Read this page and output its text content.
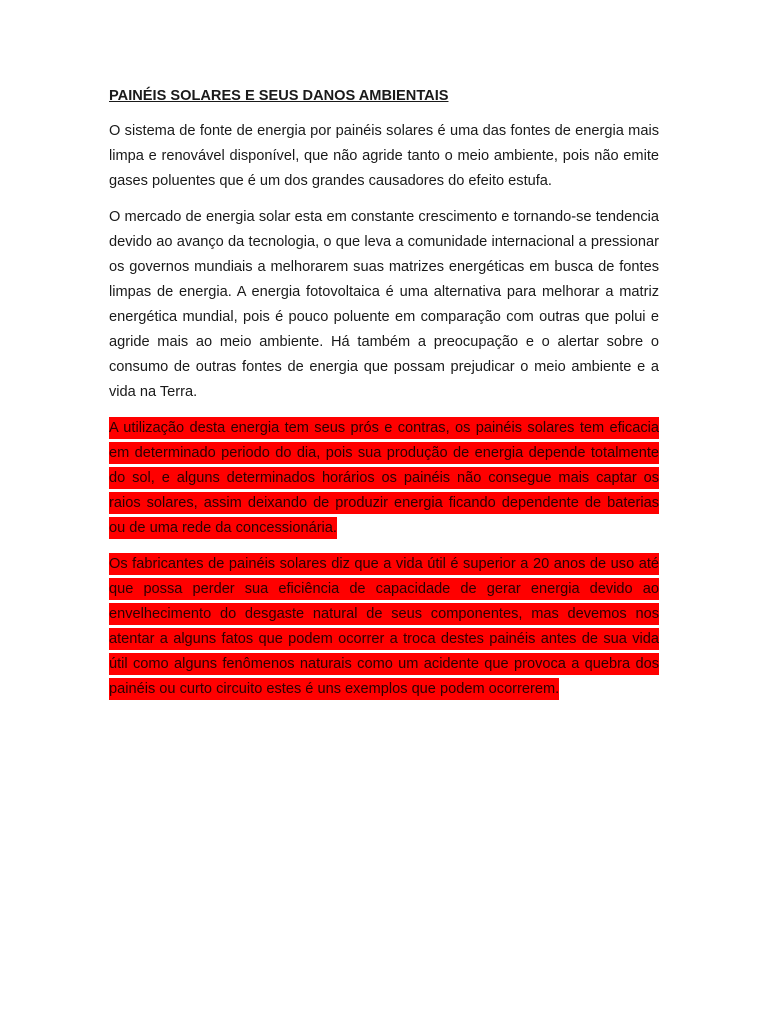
PAINÉIS SOLARES E SEUS DANOS AMBIENTAIS

O sistema de fonte de energia por painéis solares é uma das fontes de energia mais limpa e renovável disponível, que não agride tanto o meio ambiente, pois não emite gases poluentes que é um dos grandes causadores do efeito estufa.

O mercado de energia solar esta em constante crescimento e tornando-se tendencia devido ao avanço da tecnologia, o que leva a comunidade internacional a pressionar os governos mundiais a melhorarem suas matrizes energéticas em busca de fontes limpas de energia. A energia fotovoltaica é uma alternativa para melhorar a matriz energética mundial, pois é pouco poluente em comparação com outras que polui e agride mais ao meio ambiente. Há também a preocupação e o alertar sobre o consumo de outras fontes de energia que possam prejudicar o meio ambiente e a vida na Terra.

A utilização desta energia tem seus prós e contras, os painéis solares tem eficacia em determinado periodo do dia, pois sua produção de energia depende totalmente do sol, e alguns determinados horários os painéis não consegue mais captar os raios solares, assim deixando de produzir energia ficando dependente de baterias ou de uma rede da concessionária.

Os fabricantes de painéis solares diz que a vida útil é superior a 20 anos de uso até que possa perder sua eficiência de capacidade de gerar energia devido ao envelhecimento do desgaste natural de seus componentes, mas devemos nos atentar a alguns fatos que podem ocorrer a troca destes painéis antes de sua vida útil como alguns fenômenos naturais como um acidente que provoca a quebra dos painéis ou curto circuito estes é uns exemplos que podem ocorrerem.
